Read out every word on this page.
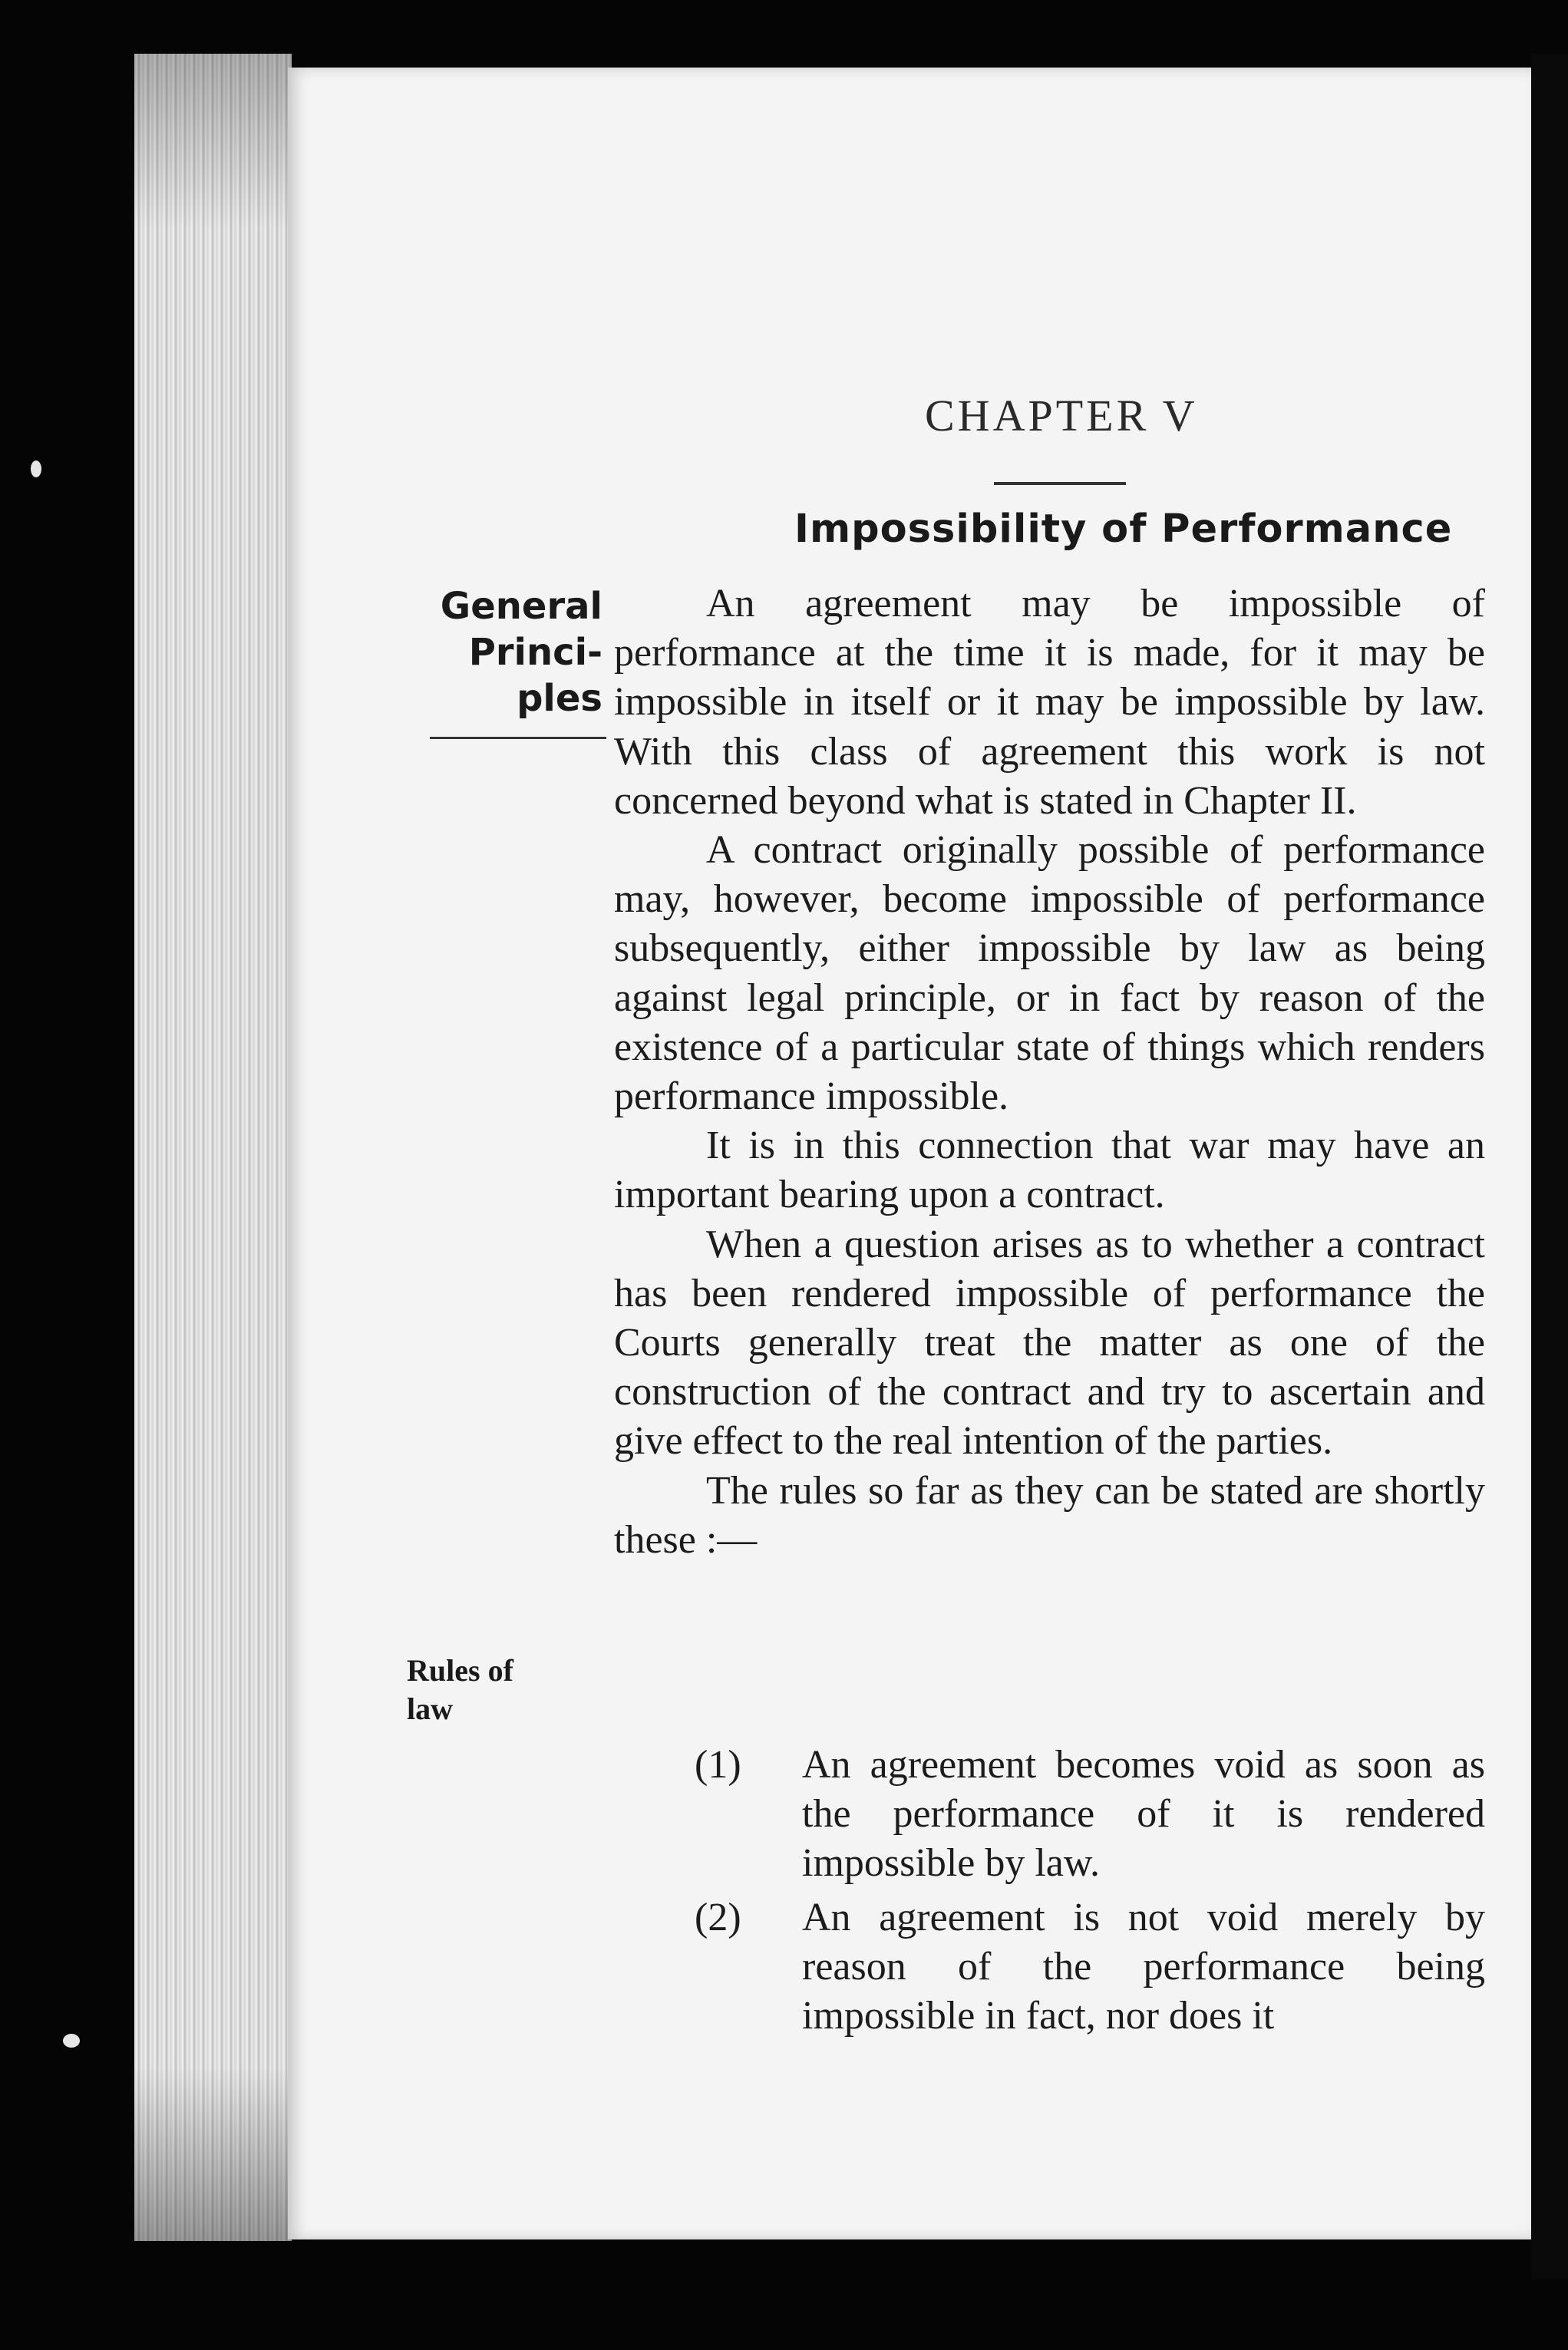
CHAPTER V
Impossibility of Performance
General Princi- ples
Rules of law

An agreement may be impossible of performance at the time it is made, for it may be impossible in itself or it may be impossible by law. With this class of agreement this work is not concerned beyond what is stated in Chapter II.

A contract originally possible of performance may, however, become impossible of performance subsequently, either impossible by law as being against legal principle, or in fact by reason of the existence of a particular state of things which renders performance impossible.

It is in this connection that war may have an important bearing upon a contract.

When a question arises as to whether a contract has been rendered impossible of performance the Courts generally treat the matter as one of the construction of the contract and try to ascertain and give effect to the real intention of the parties.

The rules so far as they can be stated are shortly these :—

(1)	An agreement becomes void as soon as the performance of it is rendered impossible by law.
(2)	An agreement is not void merely by reason of the performance being impossible in fact, nor does it
